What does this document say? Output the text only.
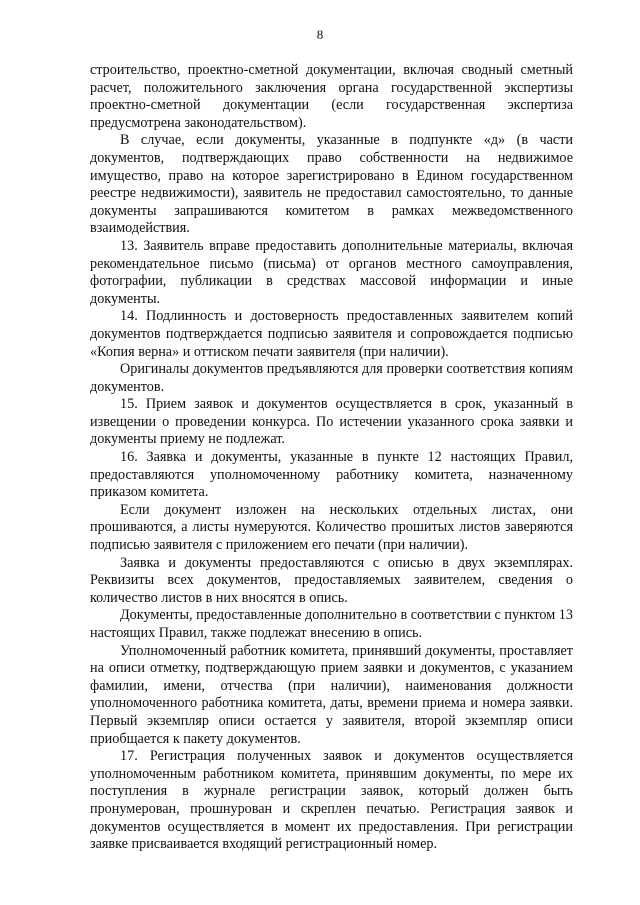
8

строительство, проектно-сметной документации, включая сводный сметный расчет, положительного заключения органа государственной экспертизы проектно-сметной документации (если государственная экспертиза предусмотрена законодательством).

В случае, если документы, указанные в подпункте «д» (в части документов, подтверждающих право собственности на недвижимое имущество, право на которое зарегистрировано в Едином государственном реестре недвижимости), заявитель не предоставил самостоятельно, то данные документы запрашиваются комитетом в рамках межведомственного взаимодействия.

13. Заявитель вправе предоставить дополнительные материалы, включая рекомендательное письмо (письма) от органов местного самоуправления, фотографии, публикации в средствах массовой информации и иные документы.

14. Подлинность и достоверность предоставленных заявителем копий документов подтверждается подписью заявителя и сопровождается подписью «Копия верна» и оттиском печати заявителя (при наличии).

Оригиналы документов предъявляются для проверки соответствия копиям документов.

15. Прием заявок и документов осуществляется в срок, указанный в извещении о проведении конкурса. По истечении указанного срока заявки и документы приему не подлежат.

16. Заявка и документы, указанные в пункте 12 настоящих Правил, предоставляются уполномоченному работнику комитета, назначенному приказом комитета.

Если документ изложен на нескольких отдельных листах, они прошиваются, а листы нумеруются. Количество прошитых листов заверяются подписью заявителя с приложением его печати (при наличии).

Заявка и документы предоставляются с описью в двух экземплярах. Реквизиты всех документов, предоставляемых заявителем, сведения о количество листов в них вносятся в опись.

Документы, предоставленные дополнительно в соответствии с пунктом 13 настоящих Правил, также подлежат внесению в опись.

Уполномоченный работник комитета, принявший документы, проставляет на описи отметку, подтверждающую прием заявки и документов, с указанием фамилии, имени, отчества (при наличии), наименования должности уполномоченного работника комитета, даты, времени приема и номера заявки. Первый экземпляр описи остается у заявителя, второй экземпляр описи приобщается к пакету документов.

17. Регистрация полученных заявок и документов осуществляется уполномоченным работником комитета, принявшим документы, по мере их поступления в журнале регистрации заявок, который должен быть пронумерован, прошнурован и скреплен печатью. Регистрация заявок и документов осуществляется в момент их предоставления. При регистрации заявке присваивается входящий регистрационный номер.
